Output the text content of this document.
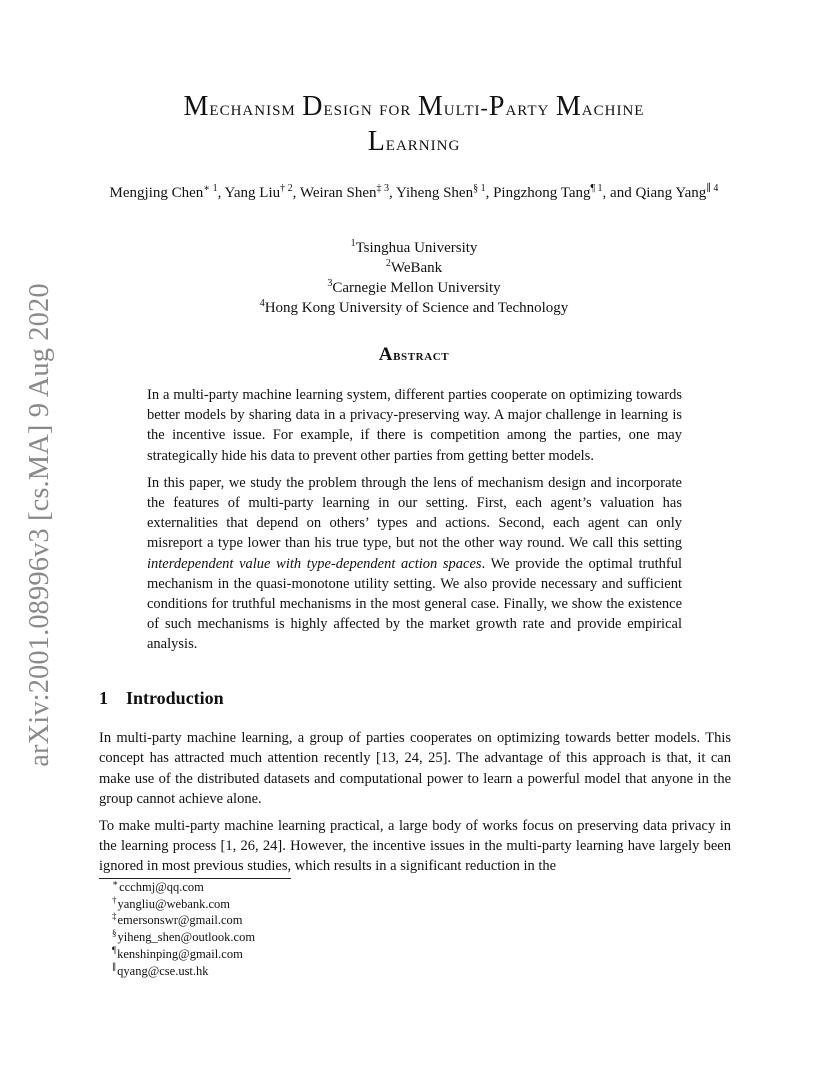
arXiv:2001.08996v3 [cs.MA] 9 Aug 2020
Mechanism Design for Multi-Party Machine
Learning
Mengjing Chen$^{∗ 1}$, Yang Liu$^{\dagger 2}$, Weiran Shen$^{\ddagger 3}$, Yiheng Shen$^{\S 1}$, Pingzhong Tang$^{\P 1}$, and Qiang Yang$^{\parallel 4}$
$^1$Tsinghua University
$^2$WeBank
$^3$Carnegie Mellon University
$^4$Hong Kong University of Science and Technology
Abstract

In a multi-party machine learning system, different parties cooperate on optimizing towards better models by sharing data in a privacy-preserving way. A major challenge in learning is the incentive issue. For example, if there is competition among the parties, one may strategically hide his data to prevent other parties from getting better models.

In this paper, we study the problem through the lens of mechanism design and incorporate the features of multi-party learning in our setting. First, each agent’s valuation has externalities that depend on others’ types and actions. Second, each agent can only misreport a type lower than his true type, but not the other way round. We call this setting interdependent value with type-dependent action spaces. We provide the optimal truthful mechanism in the quasi-monotone utility setting. We also provide necessary and sufficient conditions for truthful mechanisms in the most general case. Finally, we show the existence of such mechanisms is highly affected by the market growth rate and provide empirical analysis.

1 Introduction

In multi-party machine learning, a group of parties cooperates on optimizing towards better models. This concept has attracted much attention recently [13, 24, 25]. The advantage of this approach is that, it can make use of the distributed datasets and computational power to learn a powerful model that anyone in the group cannot achieve alone.

To make multi-party machine learning practical, a large body of works focus on preserving data privacy in the learning process [1, 26, 24]. However, the incentive issues in the multi-party learning have largely been ignored in most previous studies, which results in a significant reduction in the

∗ccchmj@qq.com
†yangliu@webank.com
‡emersonswr@gmail.com
§yiheng_shen@outlook.com
¶kenshinping@gmail.com
∥qyang@cse.ust.hk
